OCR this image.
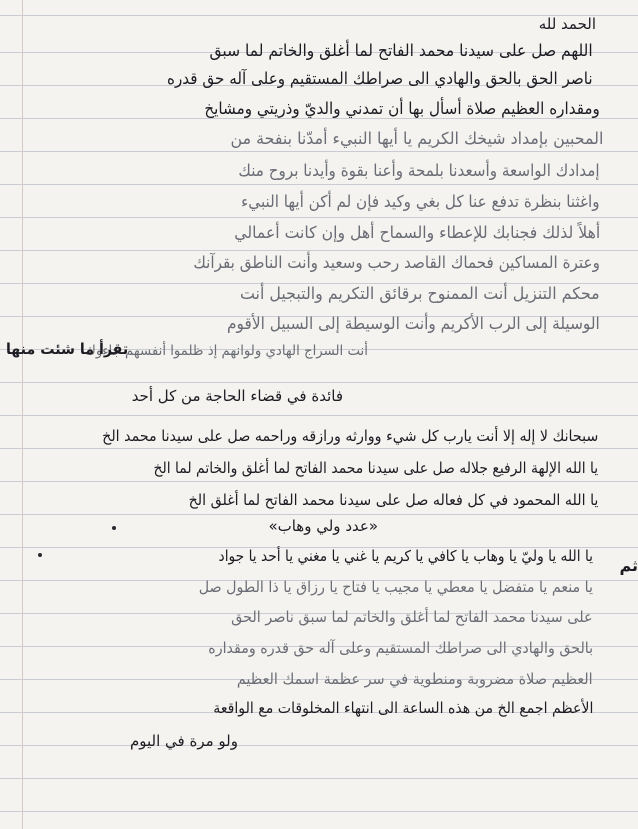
الحمد لله
اللهم صل على سيدنا محمد الفاتح لما أغلق والخاتم لما سبق
ناصر الحق بالحق والهادي الى صراطك المستقيم وعلى آله حق قدره
ومقداره العظيم صلاة أسأل بها أن تمدني والديّ وذريتي ومشايخ
المحبين بإمداد شيخك الكريم يا أيها النبيء أمدّنا بنفحة من
إمدادك الواسعة وأسعدنا بلمحة وأعنا بقوة وأيدنا بروح منك
واغثنا بنظرة تدفع عنا كل بغي وكيد فإن لم أكن أيها النبيء
أهلاً لذلك فجنابك للإعطاء والسماح أهل وإن كانت أعمالي
وعترة المساكين فحماك القاصد رحب وسعيد وأنت الناطق بقرآنك
محكم التنزيل أنت الممنوح برقائق التكريم والتبجيل أنت
الوسيلة إلى الرب الأكريم وأنت الوسيطة إلى السبيل الأقوم
أنت السراج الهادي ولوانهم إذ ظلموا أنفسهم جاءوك
تقرأ ما شئت منها
فائدة في قضاء الحاجة من كل أحد
سبحانك لا إله إلا أنت يارب كل شيء ووارثه ورازقه وراحمه صل على سيدنا محمد الخ
يا الله الإلهة الرفيع جلاله صل على سيدنا محمد الفاتح لما أغلق والخاتم لما الخ
يا الله المحمود في كل فعاله صل على سيدنا محمد الفاتح لما أغلق الخ
«عدد ولي وهاب»
ثم
يا الله يا وليّ يا وهاب يا كافي يا كريم يا غني يا مغني يا أحد يا جواد
يا منعم يا متفضل يا معطي يا مجيب يا فتاح يا رزاق يا ذا الطول صل
على سيدنا محمد الفاتح لما أغلق والخاتم لما سبق ناصر الحق
بالحق والهادي الى صراطك المستقيم وعلى آله حق قدره ومقداره
العظيم صلاة مضروبة ومنطوية في سر عظمة اسمك العظيم
الأعظم اجمع الخ من هذه الساعة الى انتهاء المخلوقات مع الواقعة
ولو مرة في اليوم
